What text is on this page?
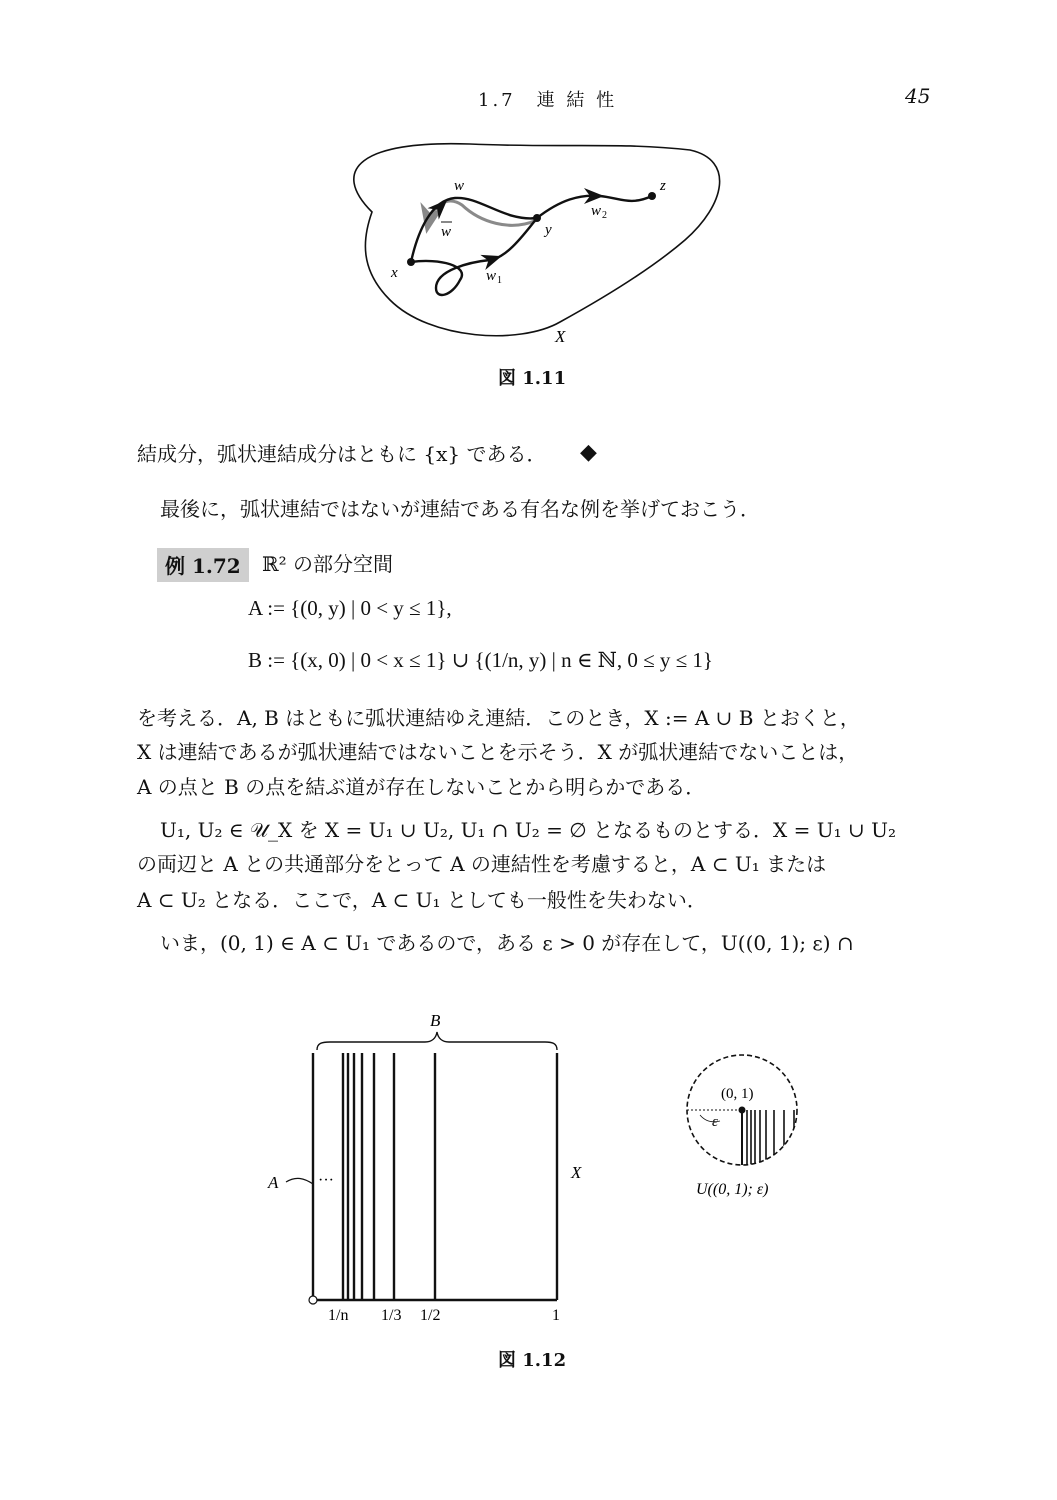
1.7　連 結 性	45
w
w
x
y
z
w 1
w 2
X
図 1.11
結成分，弧状連結成分はともに {x} である． ◆
最後に，弧状連結ではないが連結である有名な例を挙げておこう．
例 1.72	ℝ² の部分空間
A := {(0, y) | 0 < y ≤ 1},
B := {(x, 0) | 0 < x ≤ 1} ∪ {(1/n, y) | n ∈ ℕ, 0 ≤ y ≤ 1}
を考える．A, B はともに弧状連結ゆえ連結．このとき，X := A ∪ B とおくと，
X は連結であるが弧状連結ではないことを示そう．X が弧状連結でないことは，
A の点と B の点を結ぶ道が存在しないことから明らかである．
U₁, U₂ ∈ 𝒰_X を X = U₁ ∪ U₂, U₁ ∩ U₂ = ∅ となるものとする．X = U₁ ∪ U₂
の両辺と A との共通部分をとって A の連結性を考慮すると，A ⊂ U₁ または
A ⊂ U₂ となる．ここで，A ⊂ U₁ としても一般性を失わない．
いま，(0, 1) ∈ A ⊂ U₁ であるので，ある ε > 0 が存在して，U((0, 1); ε) ∩
B
A ···	X
1/n 1/3 1/2	1
(0, 1)
ε
U((0, 1); ε)
図 1.12
